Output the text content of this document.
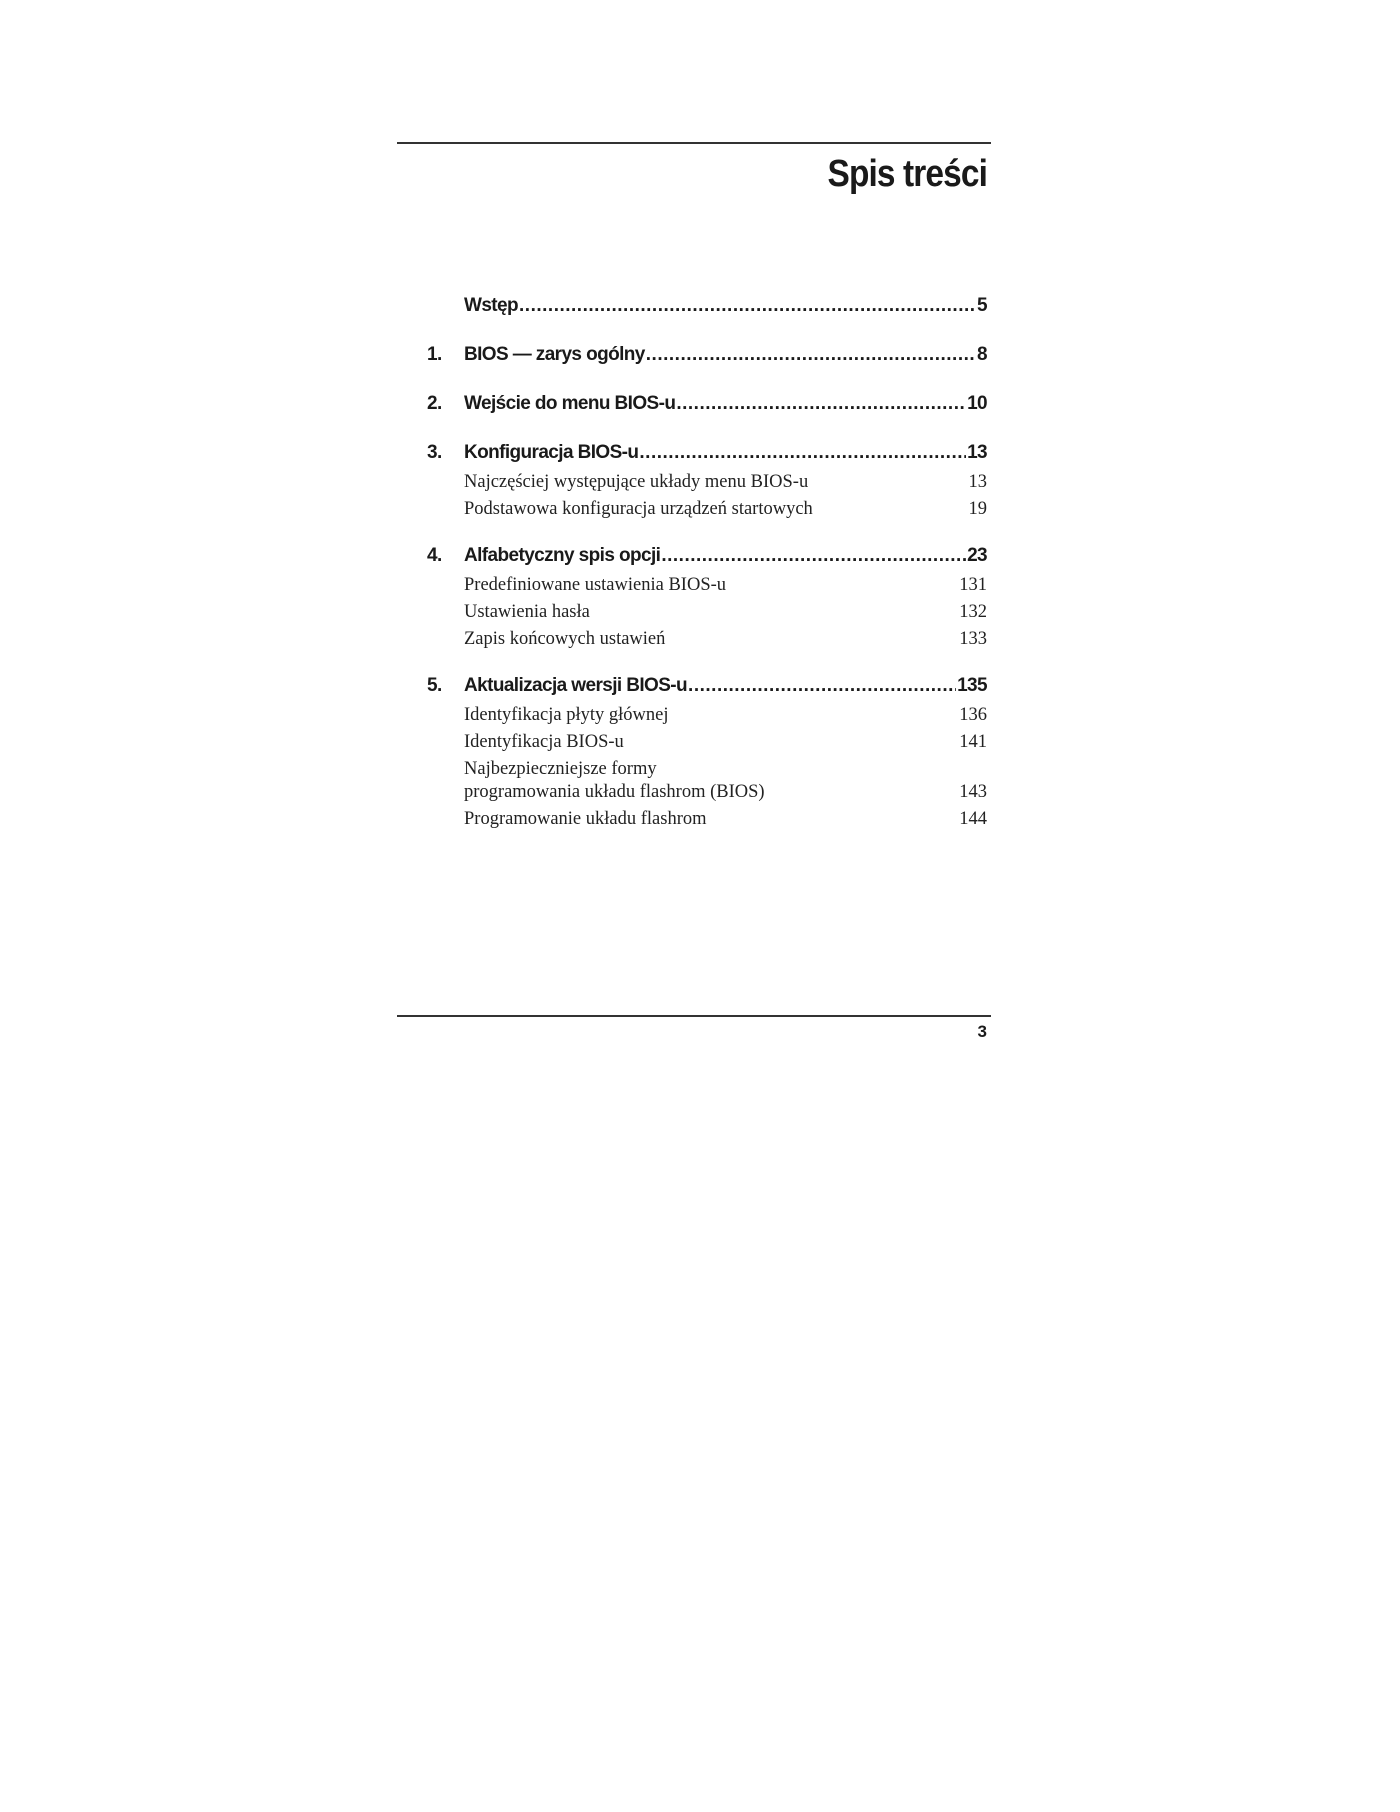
Spis treści
Wstęp .....	5
1.	BIOS — zarys ogólny .....	8
2.	Wejście do menu BIOS-u .....	10
3.	Konfiguracja BIOS-u .....	13
Najczęściej występujące układy menu BIOS-u	13
Podstawowa konfiguracja urządzeń startowych	19
4.	Alfabetyczny spis opcji .....	23
Predefiniowane ustawienia BIOS-u	131
Ustawienia hasła	132
Zapis końcowych ustawień	133
5.	Aktualizacja wersji BIOS-u .....	135
Identyfikacja płyty głównej	136
Identyfikacja BIOS-u	141
Najbezpieczniejsze formy
programowania układu flashrom (BIOS)	143
Programowanie układu flashrom	144
3
